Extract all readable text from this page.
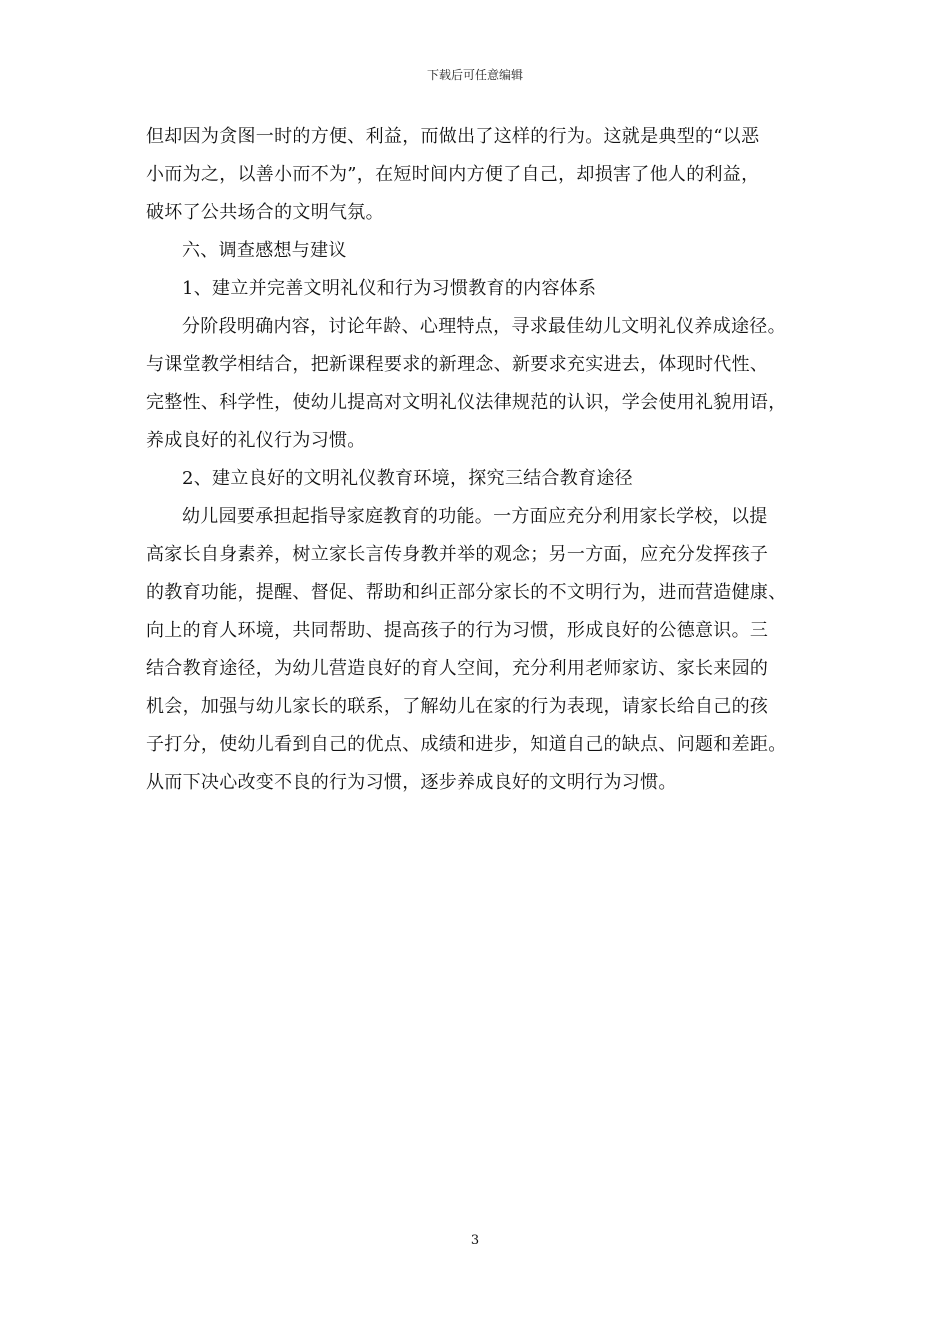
下载后可任意编辑
但却因为贪图一时的方便、利益，而做出了这样的行为。这就是典型的“以恶
小而为之，以善小而不为”，在短时间内方便了自己，却损害了他人的利益，
破坏了公共场合的文明气氛。
六、调查感想与建议
1、建立并完善文明礼仪和行为习惯教育的内容体系
分阶段明确内容，讨论年龄、心理特点，寻求最佳幼儿文明礼仪养成途径。
与课堂教学相结合，把新课程要求的新理念、新要求充实进去，体现时代性、
完整性、科学性，使幼儿提高对文明礼仪法律规范的认识，学会使用礼貌用语，
养成良好的礼仪行为习惯。
2、建立良好的文明礼仪教育环境，探究三结合教育途径
幼儿园要承担起指导家庭教育的功能。一方面应充分利用家长学校，以提
高家长自身素养，树立家长言传身教并举的观念；另一方面，应充分发挥孩子
的教育功能，提醒、督促、帮助和纠正部分家长的不文明行为，进而营造健康、
向上的育人环境，共同帮助、提高孩子的行为习惯，形成良好的公德意识。三
结合教育途径，为幼儿营造良好的育人空间，充分利用老师家访、家长来园的
机会，加强与幼儿家长的联系，了解幼儿在家的行为表现，请家长给自己的孩
子打分，使幼儿看到自己的优点、成绩和进步，知道自己的缺点、问题和差距。
从而下决心改变不良的行为习惯，逐步养成良好的文明行为习惯。
3
